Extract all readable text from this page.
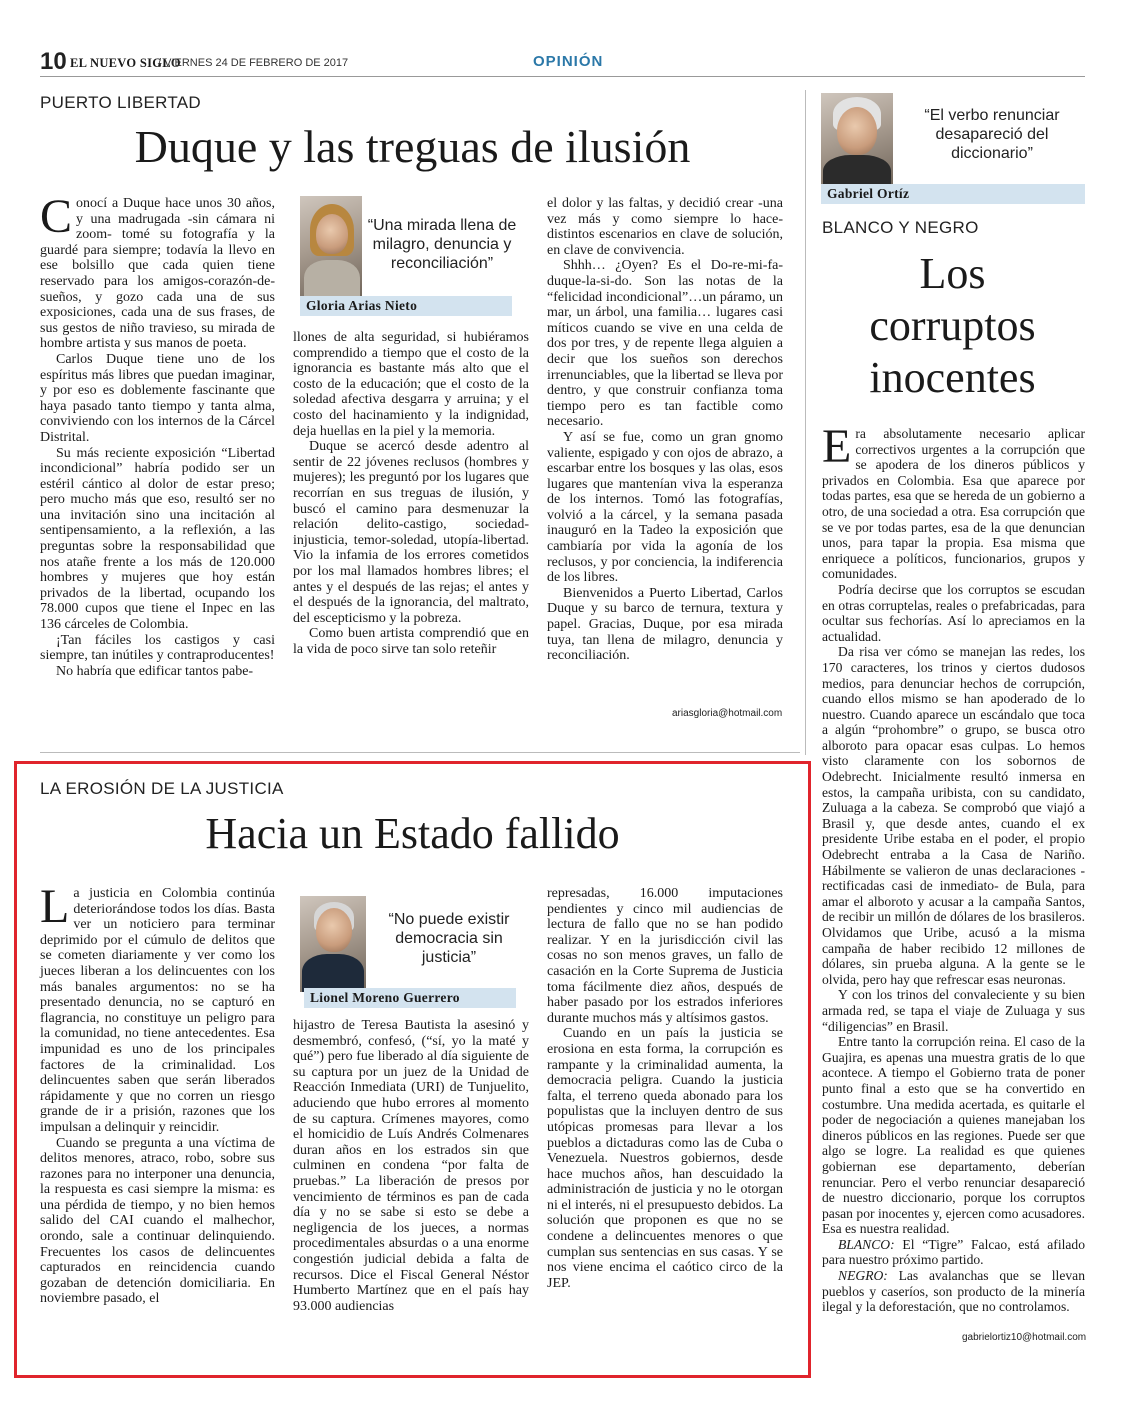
10 EL NUEVO SIGLO
/ VIERNES 24 DE FEBRERO DE 2017	OPINIÓN
PUERTO LIBERTAD
Duque y las treguas de ilusión

Conocí a Duque hace unos 30 años, y una madrugada -sin cámara ni zoom- tomé su fotografía y la guardé para siempre; todavía la llevo en ese bolsillo que cada quien tiene reservado para los amigos-corazón-de-sueños, y gozo cada una de sus exposiciones, cada una de sus frases, de sus gestos de niño travieso, su mirada de hombre artista y sus manos de poeta.

Carlos Duque tiene uno de los espíritus más libres que puedan imaginar, y por eso es doblemente fascinante que haya pasado tanto tiempo y tanta alma, conviviendo con los internos de la Cárcel Distrital.

Su más reciente exposición “Libertad incondicional” habría podido ser un estéril cántico al dolor de estar preso; pero mucho más que eso, resultó ser no una invitación sino una incitación al sentipensamiento, a la reflexión, a las preguntas sobre la responsabilidad que nos atañe frente a los más de 120.000 hombres y mujeres que hoy están privados de la libertad, ocupando los 78.000 cupos que tiene el Inpec en las 136 cárceles de Colombia.

¡Tan fáciles los castigos y casi siempre, tan inútiles y contraproducentes!

No habría que edificar tantos pabe-

“Una mirada llena de milagro, denuncia y reconciliación”
Gloria Arias Nieto

llones de alta seguridad, si hubiéramos comprendido a tiempo que el costo de la ignorancia es bastante más alto que el costo de la educación; que el costo de la soledad afectiva desgarra y arruina; y el costo del hacinamiento y la indignidad, deja huellas en la piel y la memoria.

Duque se acercó desde adentro al sentir de 22 jóvenes reclusos (hombres y mujeres); les preguntó por los lugares que recorrían en sus treguas de ilusión, y buscó el camino para desmenuzar la relación delito-castigo, sociedad-injusticia, temor-soledad, utopía-libertad. Vio la infamia de los errores cometidos por los mal llamados hombres libres; el antes y el después de las rejas; el antes y el después de la ignorancia, del maltrato, del escepticismo y la pobreza.

Como buen artista comprendió que en la vida de poco sirve tan solo reteñir

el dolor y las faltas, y decidió crear -una vez más y como siempre lo hace- distintos escenarios en clave de solución, en clave de convivencia.

Shhh… ¿Oyen? Es el Do-re-mi-fa-duque-la-si-do. Son las notas de la “felicidad incondicional”…un páramo, un mar, un árbol, una familia… lugares casi míticos cuando se vive en una celda de dos por tres, y de repente llega alguien a decir que los sueños son derechos irrenunciables, que la libertad se lleva por dentro, y que construir confianza toma tiempo pero es tan factible como necesario.

Y así se fue, como un gran gnomo valiente, espigado y con ojos de abrazo, a escarbar entre los bosques y las olas, esos lugares que mantenían viva la esperanza de los internos. Tomó las fotografías, volvió a la cárcel, y la semana pasada inauguró en la Tadeo la exposición que cambiaría por vida la agonía de los reclusos, y por conciencia, la indiferencia de los libres.

Bienvenidos a Puerto Libertad, Carlos Duque y su barco de ternura, textura y papel. Gracias, Duque, por esa mirada tuya, tan llena de milagro, denuncia y reconciliación.

ariasgloria@hotmail.com
LA EROSIÓN DE LA JUSTICIA
Hacia un Estado fallido

La justicia en Colombia continúa deteriorándose todos los días. Basta ver un noticiero para terminar deprimido por el cúmulo de delitos que se cometen diariamente y ver como los jueces liberan a los delincuentes con los más banales argumentos: no se ha presentado denuncia, no se capturó en flagrancia, no constituye un peligro para la comunidad, no tiene antecedentes. Esa impunidad es uno de los principales factores de la criminalidad. Los delincuentes saben que serán liberados rápidamente y que no corren un riesgo grande de ir a prisión, razones que los impulsan a delinquir y reincidir.

Cuando se pregunta a una víctima de delitos menores, atraco, robo, sobre sus razones para no interponer una denuncia, la respuesta es casi siempre la misma: es una pérdida de tiempo, y no bien hemos salido del CAI cuando el malhechor, orondo, sale a continuar delinquiendo. Frecuentes los casos de delincuentes capturados en reincidencia cuando gozaban de detención domiciliaria. En noviembre pasado, el

“No puede existir democracia sin justicia”
Lionel Moreno Guerrero

hijastro de Teresa Bautista la asesinó y desmembró, confesó, (“sí, yo la maté y qué”) pero fue liberado al día siguiente de su captura por un juez de la Unidad de Reacción Inmediata (URI) de Tunjuelito, aduciendo que hubo errores al momento de su captura. Crímenes mayores, como el homicidio de Luís Andrés Colmenares duran años en los estrados sin que culminen en condena “por falta de pruebas.” La liberación de presos por vencimiento de términos es pan de cada día y no se sabe si esto se debe a negligencia de los jueces, a normas procedimentales absurdas o a una enorme congestión judicial debida a falta de recursos. Dice el Fiscal General Néstor Humberto Martínez que en el país hay 93.000 audiencias

represadas, 16.000 imputaciones pendientes y cinco mil audiencias de lectura de fallo que no se han podido realizar. Y en la jurisdicción civil las cosas no son menos graves, un fallo de casación en la Corte Suprema de Justicia toma fácilmente diez años, después de haber pasado por los estrados inferiores durante muchos más y altísimos gastos.

Cuando en un país la justicia se erosiona en esta forma, la corrupción es rampante y la criminalidad aumenta, la democracia peligra. Cuando la justicia falta, el terreno queda abonado para los populistas que la incluyen dentro de sus utópicas promesas para llevar a los pueblos a dictaduras como las de Cuba o Venezuela. Nuestros gobiernos, desde hace muchos años, han descuidado la administración de justicia y no le otorgan ni el interés, ni el presupuesto debidos. La solución que proponen es que no se condene a delincuentes menores o que cumplan sus sentencias en sus casas. Y se nos viene encima el caótico circo de la JEP.

“El verbo renunciar desapareció del diccionario”
Gabriel Ortíz
BLANCO Y NEGRO
Los
corruptos
inocentes

Era absolutamente necesario aplicar correctivos urgentes a la corrupción que se apodera de los dineros públicos y privados en Colombia. Esa que aparece por todas partes, esa que se hereda de un gobierno a otro, de una sociedad a otra. Esa corrupción que se ve por todas partes, esa de la que denuncian unos, para tapar la propia. Esa misma que enriquece a políticos, funcionarios, grupos y comunidades.

Podría decirse que los corruptos se escudan en otras corruptelas, reales o prefabricadas, para ocultar sus fechorías. Así lo apreciamos en la actualidad.

Da risa ver cómo se manejan las redes, los 170 caracteres, los trinos y ciertos dudosos medios, para denunciar hechos de corrupción, cuando ellos mismo se han apoderado de lo nuestro. Cuando aparece un escándalo que toca a algún “prohombre” o grupo, se busca otro alboroto para opacar esas culpas. Lo hemos visto claramente con los sobornos de Odebrecht. Inicialmente resultó inmersa en estos, la campaña uribista, con su candidato, Zuluaga a la cabeza. Se comprobó que viajó a Brasil y, que desde antes, cuando el ex presidente Uribe estaba en el poder, el propio Odebrecht entraba a la Casa de Nariño. Hábilmente se valieron de unas declaraciones -rectificadas casi de inmediato- de Bula, para amar el alboroto y acusar a la campaña Santos, de recibir un millón de dólares de los brasileros. Olvidamos que Uribe, acusó a la misma campaña de haber recibido 12 millones de dólares, sin prueba alguna. A la gente se le olvida, pero hay que refrescar esas neuronas.

Y con los trinos del convaleciente y su bien armada red, se tapa el viaje de Zuluaga y sus “diligencias” en Brasil.

Entre tanto la corrupción reina. El caso de la Guajira, es apenas una muestra gratis de lo que acontece. A tiempo el Gobierno trata de poner punto final a esto que se ha convertido en costumbre. Una medida acertada, es quitarle el poder de negociación a quienes manejaban los dineros públicos en las regiones. Puede ser que algo se logre. La realidad es que quienes gobiernan ese departamento, deberían renunciar. Pero el verbo renunciar desapareció de nuestro diccionario, porque los corruptos pasan por inocentes y, ejercen como acusadores. Esa es nuestra realidad.

BLANCO: El “Tigre” Falcao, está afilado para nuestro próximo partido.

NEGRO: Las avalanchas que se llevan pueblos y caseríos, son producto de la minería ilegal y la deforestación, que no controlamos.

gabrielortiz10@hotmail.com
